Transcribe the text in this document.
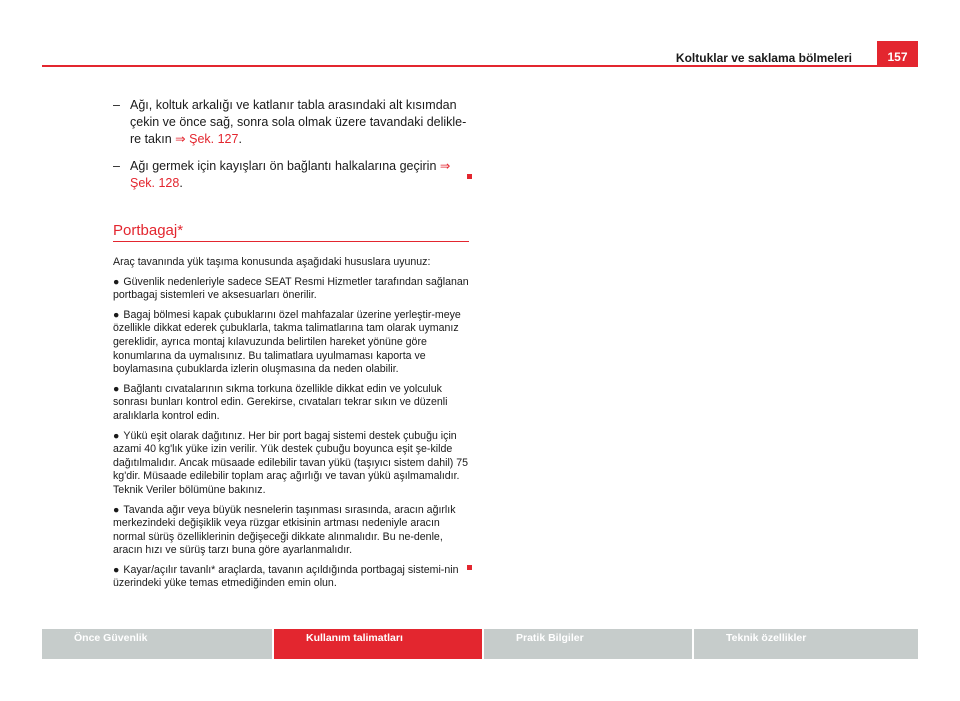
Koltuklar ve saklama bölmeleri	157
– Ağı, koltuk arkalığı ve katlanır tabla arasındaki alt kısımdan çekin ve önce sağ, sonra sola olmak üzere tavandaki delikle-re takın ⇒ Şek. 127.
– Ağı germek için kayışları ön bağlantı halkalarına geçirin ⇒ Şek. 128.
Portbagaj*

Araç tavanında yük taşıma konusunda aşağıdaki hususlara uyunuz:

● Güvenlik nedenleriyle sadece SEAT Resmi Hizmetler tarafından sağlanan portbagaj sistemleri ve aksesuarları önerilir.

● Bagaj bölmesi kapak çubuklarını özel mahfazalar üzerine yerleştir-meye özellikle dikkat ederek çubuklarla, takma talimatlarına tam olarak uymanız gereklidir, ayrıca montaj kılavuzunda belirtilen hareket yönüne göre konumlarına da uymalısınız. Bu talimatlara uyulmaması kaporta ve boylamasına çubuklarda izlerin oluşmasına da neden olabilir.

● Bağlantı cıvatalarının sıkma torkuna özellikle dikkat edin ve yolculuk sonrası bunları kontrol edin. Gerekirse, cıvataları tekrar sıkın ve düzenli aralıklarla kontrol edin.

● Yükü eşit olarak dağıtınız. Her bir port bagaj sistemi destek çubuğu için azami 40 kg'lık yüke izin verilir. Yük destek çubuğu boyunca eşit şe-kilde dağıtılmalıdır. Ancak müsaade edilebilir tavan yükü (taşıyıcı sistem dahil) 75 kg'dir. Müsaade edilebilir toplam araç ağırlığı ve tavan yükü aşılmamalıdır. Teknik Veriler bölümüne bakınız.

● Tavanda ağır veya büyük nesnelerin taşınması sırasında, aracın ağırlık merkezindeki değişiklik veya rüzgar etkisinin artması nedeniyle aracın normal sürüş özelliklerinin değişeceği dikkate alınmalıdır. Bu ne-denle, aracın hızı ve sürüş tarzı buna göre ayarlanmalıdır.

● Kayar/açılır tavanlı* araçlarda, tavanın açıldığında portbagaj sistemi-nin üzerindeki yüke temas etmediğinden emin olun.

Önce Güvenlik	Kullanım talimatları	Pratik Bilgiler	Teknik özellikler
